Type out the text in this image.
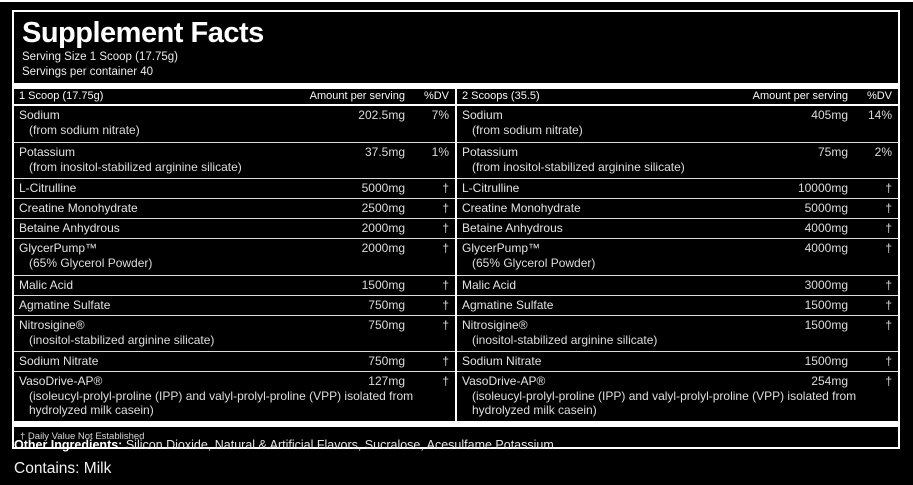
Supplement Facts
Serving Size 1 Scoop (17.75g)
Servings per container 40
1 Scoop (17.75g)	Amount per serving	%DV
Sodium	202.5mg	7%
(from sodium nitrate)
Potassium	37.5mg	1%
(from inositol-stabilized arginine silicate)
L-Citrulline	5000mg	†
Creatine Monohydrate	2500mg	†
Betaine Anhydrous	2000mg	†
GlycerPump™	2000mg	†
(65% Glycerol Powder)
Malic Acid	1500mg	†
Agmatine Sulfate	750mg	†
Nitrosigine®	750mg	†
(inositol-stabilized arginine silicate)
Sodium Nitrate	750mg	†
VasoDrive-AP®	127mg	†
(isoleucyl-prolyl-proline (IPP) and valyl-prolyl-proline (VPP) isolated from hydrolyzed milk casein)
2 Scoops (35.5)	Amount per serving	%DV
Sodium	405mg	14%
(from sodium nitrate)
Potassium	75mg	2%
(from inositol-stabilized arginine silicate)
L-Citrulline	10000mg	†
Creatine Monohydrate	5000mg	†
Betaine Anhydrous	4000mg	†
GlycerPump™	4000mg	†
(65% Glycerol Powder)
Malic Acid	3000mg	†
Agmatine Sulfate	1500mg	†
Nitrosigine®	1500mg	†
(inositol-stabilized arginine silicate)
Sodium Nitrate	1500mg	†
VasoDrive-AP®	254mg	†
(isoleucyl-prolyl-proline (IPP) and valyl-prolyl-proline (VPP) isolated from hydrolyzed milk casein)
† Daily Value Not Established
Other Ingredients: Silicon Dioxide, Natural & Artificial Flavors, Sucralose, Acesulfame Potassium
Contains: Milk
